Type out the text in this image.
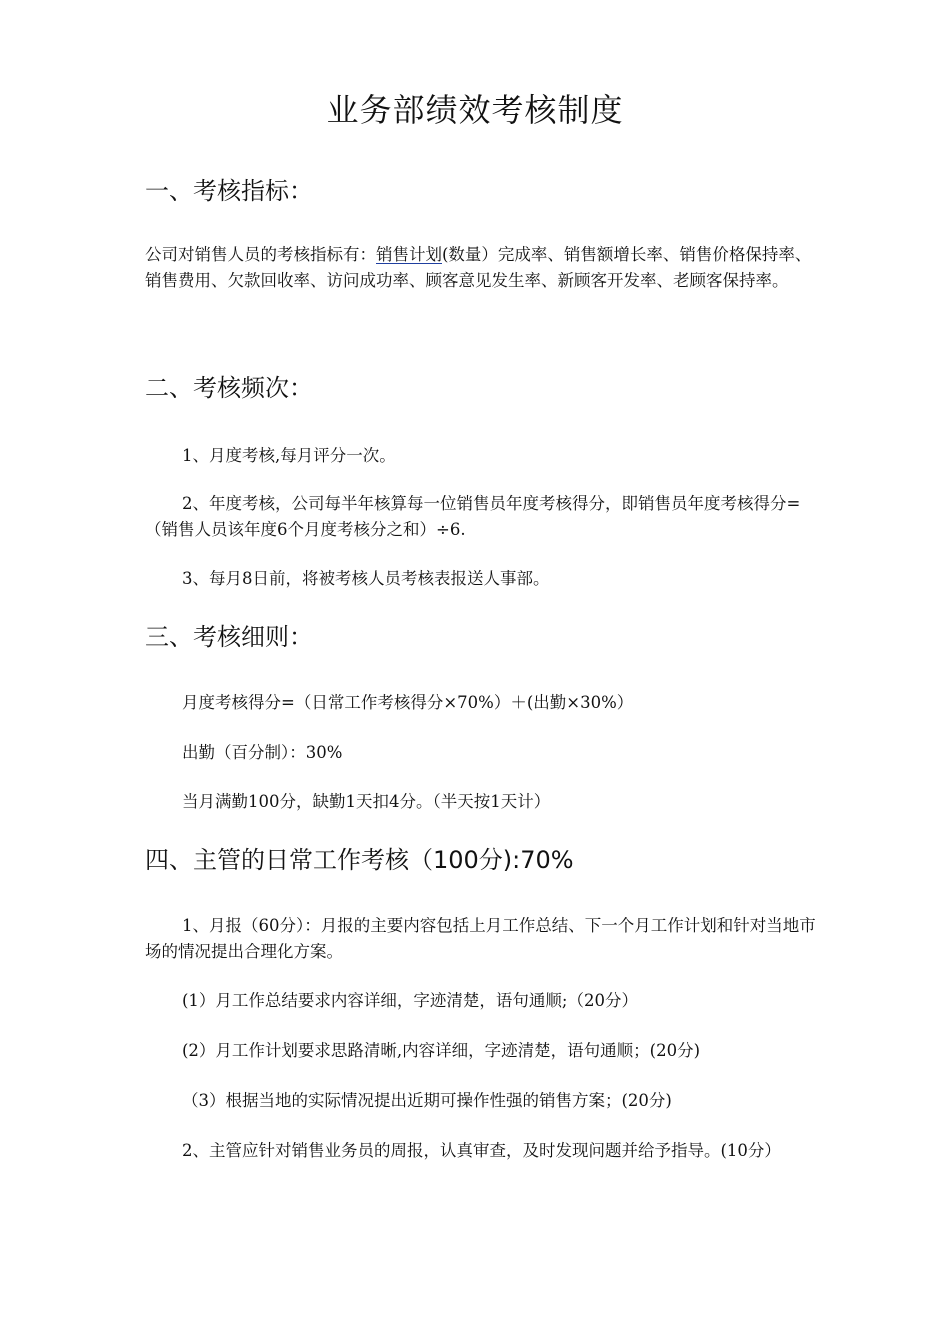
业务部绩效考核制度
一、考核指标：

公司对销售人员的考核指标有：销售计划(数量）完成率、销售额增长率、销售价格保持率、销售费用、欠款回收率、访问成功率、顾客意见发生率、新顾客开发率、老顾客保持率。

二、考核频次：

1、月度考核,每月评分一次。

2、年度考核，公司每半年核算每一位销售员年度考核得分，即销售员年度考核得分=（销售人员该年度6个月度考核分之和）÷6.

3、每月8日前，将被考核人员考核表报送人事部。

三、考核细则：

月度考核得分=（日常工作考核得分×70%）＋(出勤×30%）

出勤（百分制）：30%

当月满勤100分，缺勤1天扣4分。（半天按1天计）

四、主管的日常工作考核（100分):70%

1、月报（60分）：月报的主要内容包括上月工作总结、下一个月工作计划和针对当地市场的情况提出合理化方案。

(1）月工作总结要求内容详细，字迹清楚，语句通顺;（20分）

(2）月工作计划要求思路清晰,内容详细，字迹清楚，语句通顺；(20分)

（3）根据当地的实际情况提出近期可操作性强的销售方案；(20分)

2、主管应针对销售业务员的周报，认真审查，及时发现问题并给予指导。(10分）
